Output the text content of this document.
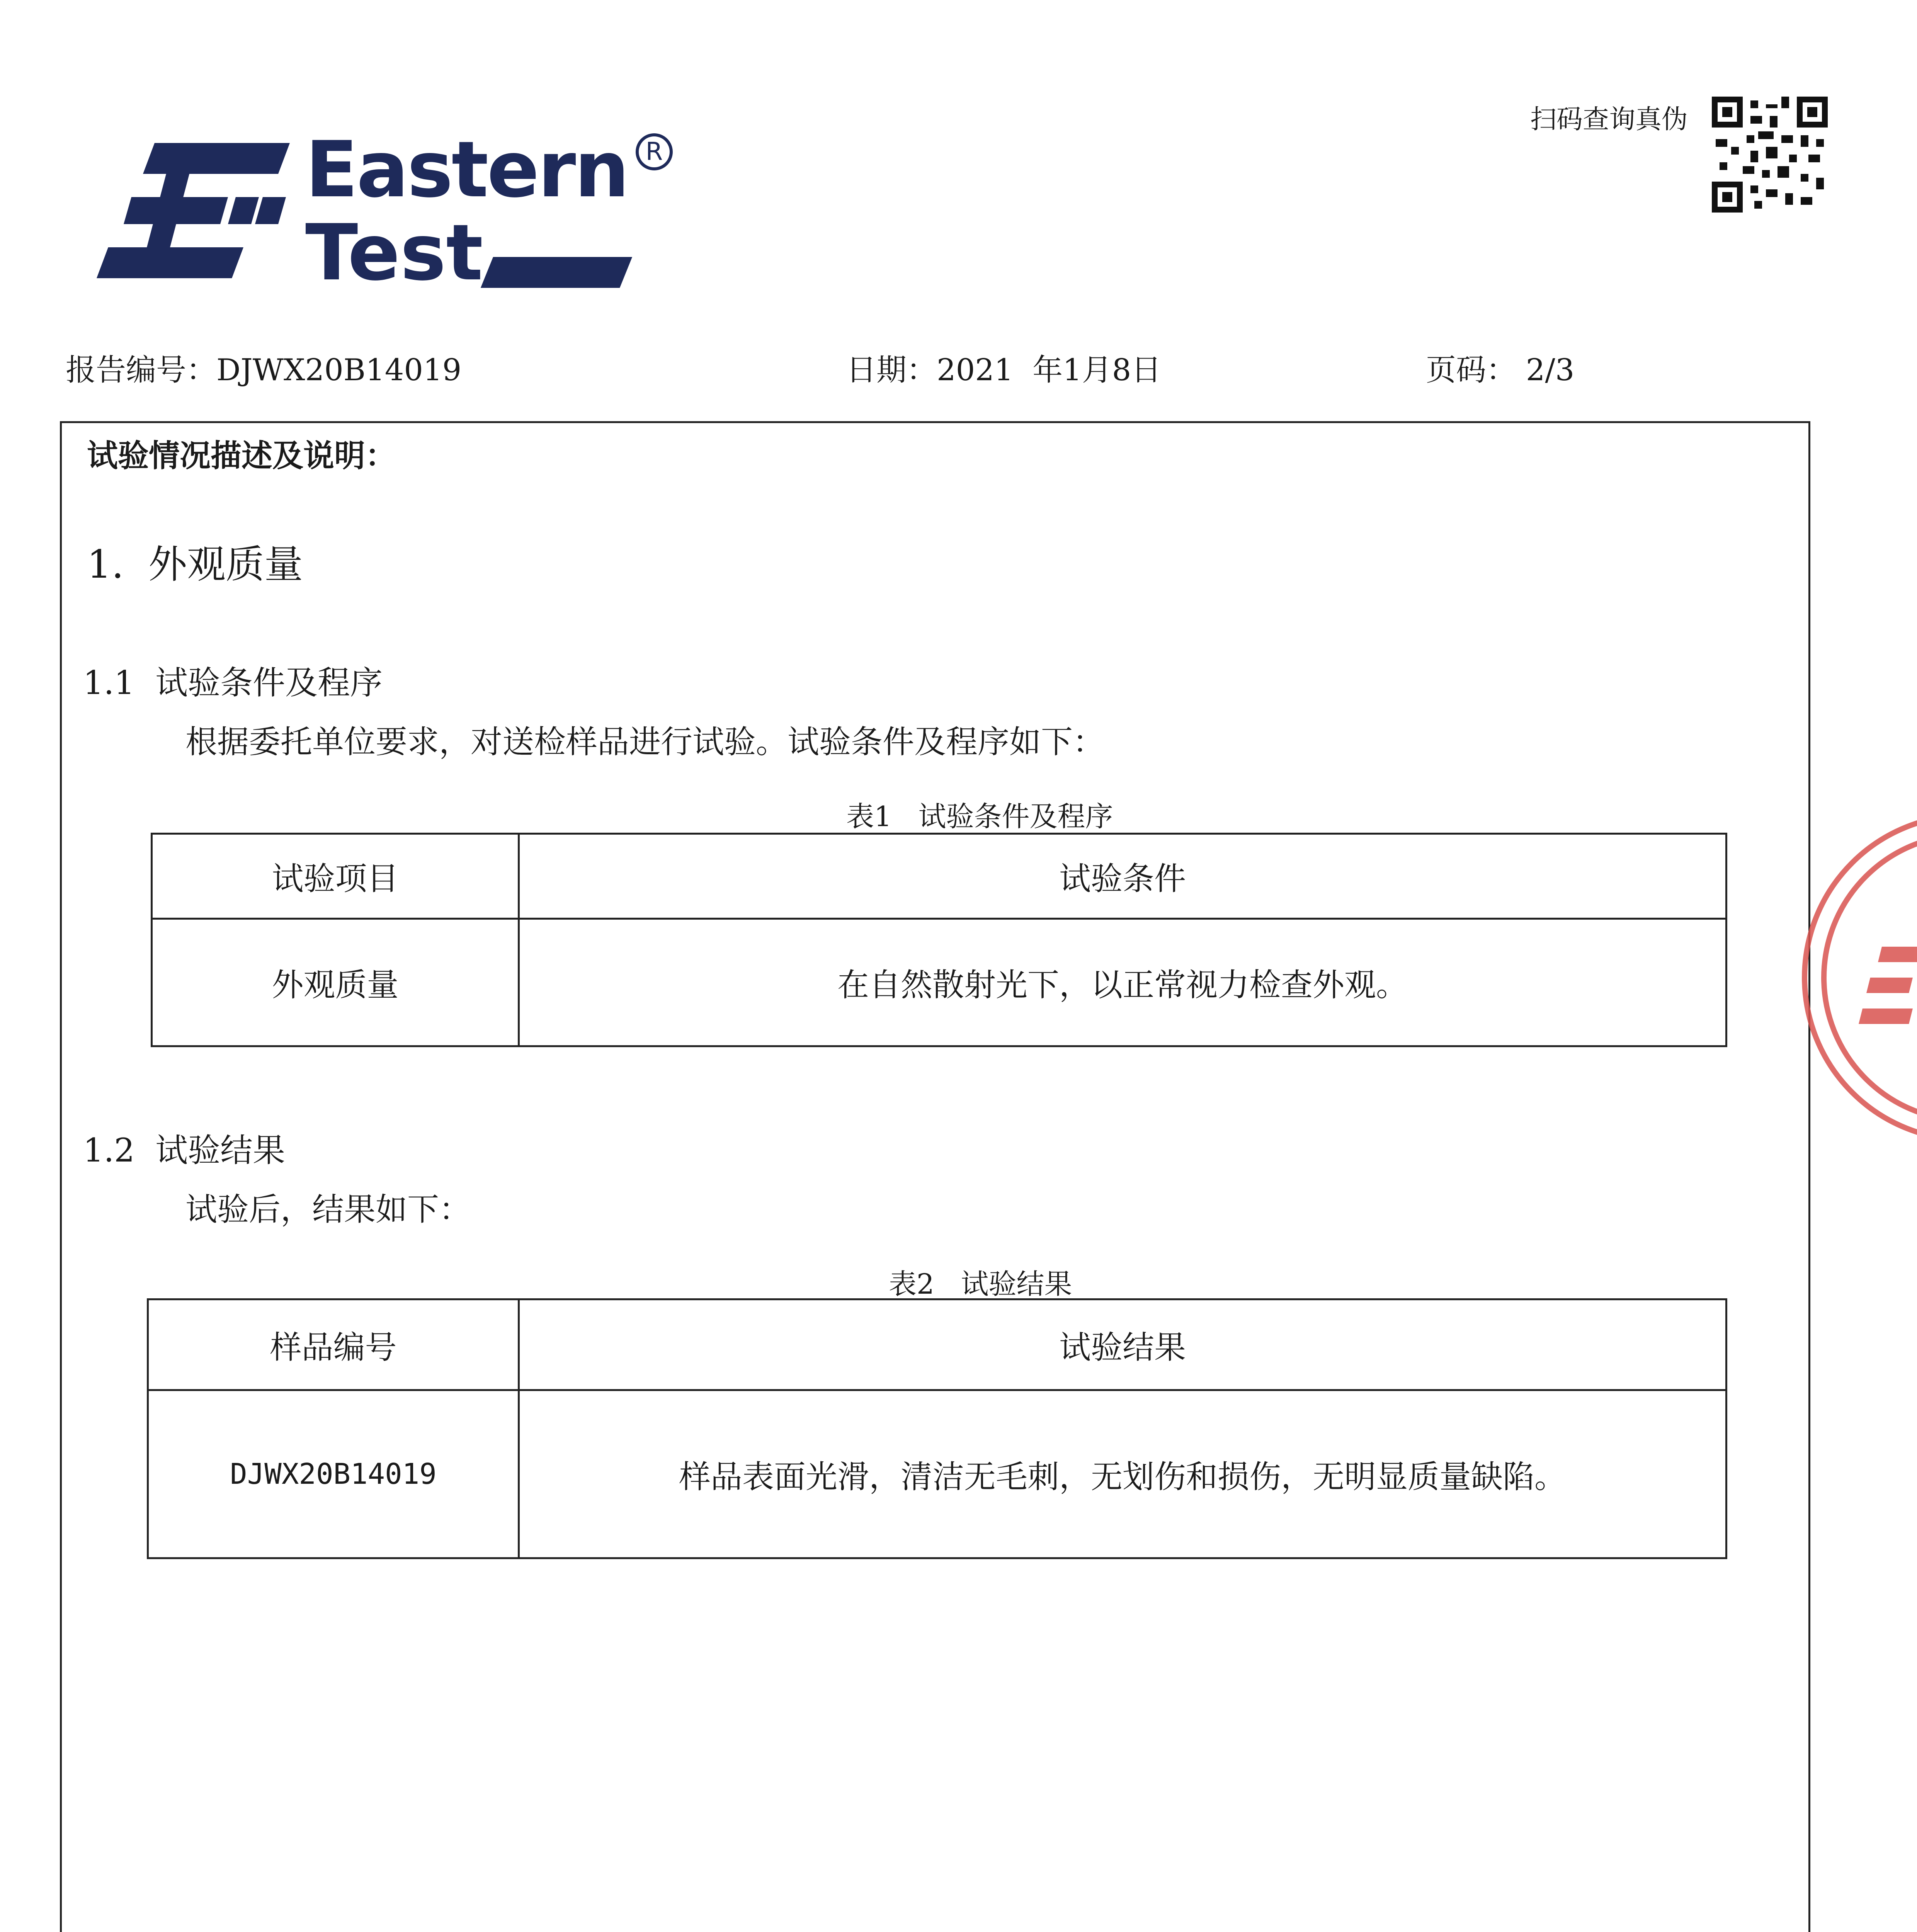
Eastern
Test
R
扫码查询真伪
报告编号：DJWX20B14019	日期：2021  年1月8日	页码： 2/3
试验情况描述及说明：
1.  外观质量
1.1  试验条件及程序
根据委托单位要求，对送检样品进行试验。试验条件及程序如下：
表1   试验条件及程序
试验项目	试验条件
外观质量	在自然散射光下，以正常视力检查外观。
1.2  试验结果
试验后，结果如下：
表2   试验结果
样品编号	试验结果
DJWX20B14019	样品表面光滑，清洁无毛刺，无划伤和损伤，无明显质量缺陷。
